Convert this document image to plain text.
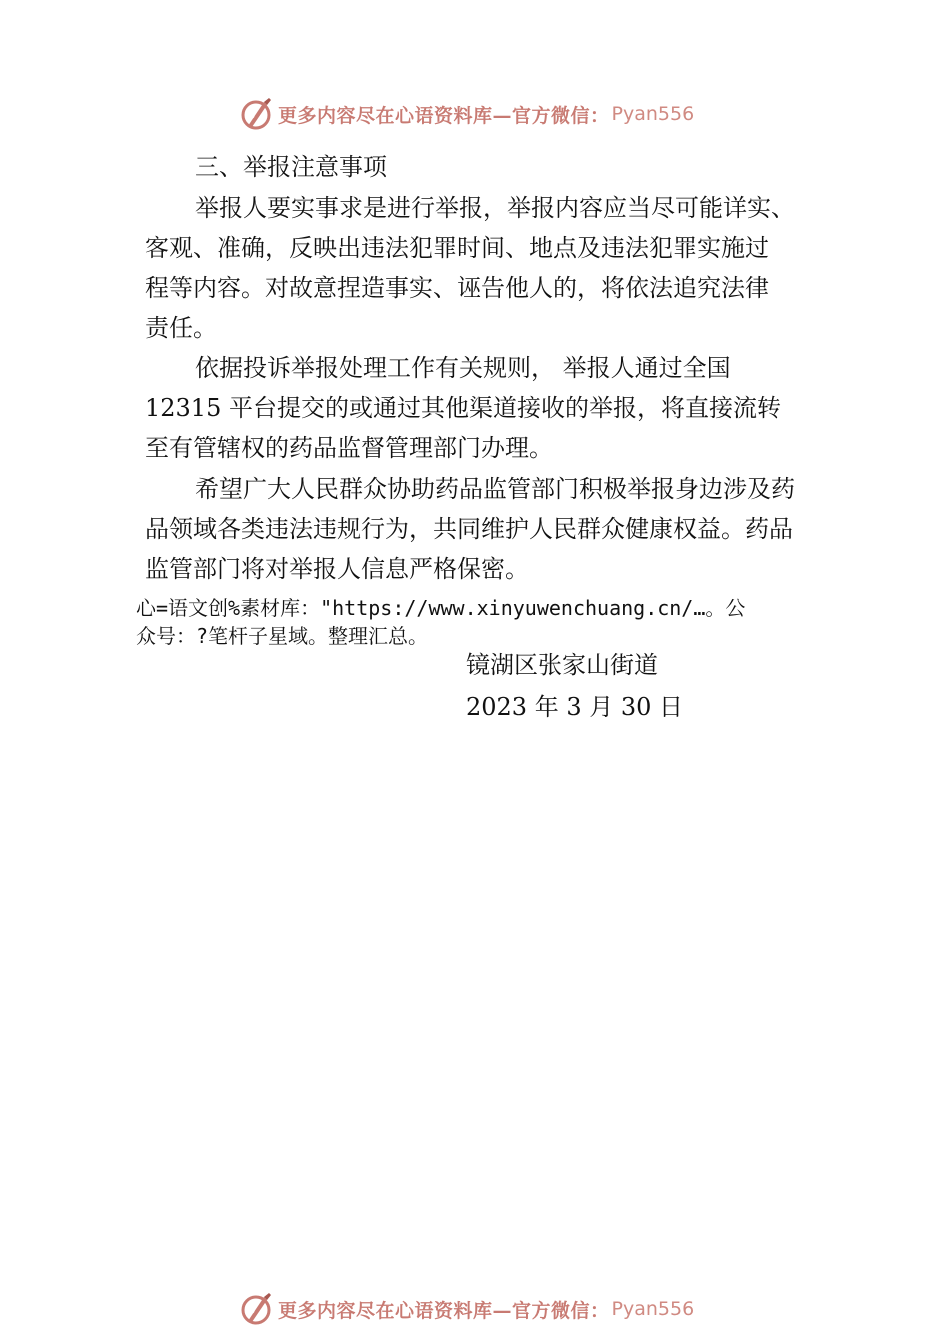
更多内容尽在心语资料库—官方微信： Pyan556
三、举报注意事项
举报人要实事求是进行举报，举报内容应当尽可能详实、
客观、准确，反映出违法犯罪时间、地点及违法犯罪实施过
程等内容。对故意捏造事实、诬告他人的，将依法追究法律
责任。
依据投诉举报处理工作有关规则， 举报人通过全国
12315 平台提交的或通过其他渠道接收的举报，将直接流转
至有管辖权的药品监督管理部门办理。
希望广大人民群众协助药品监管部门积极举报身边涉及药
品领域各类违法违规行为，共同维护人民群众健康权益。药品
监管部门将对举报人信息严格保密。
心=语文创%素材库："https://www.xinyuwenchuang.cn/…。公
众号：?笔杆子星域。整理汇总。
镜湖区张家山街道
2023 年 3 月 30 日
更多内容尽在心语资料库—官方微信： Pyan556
